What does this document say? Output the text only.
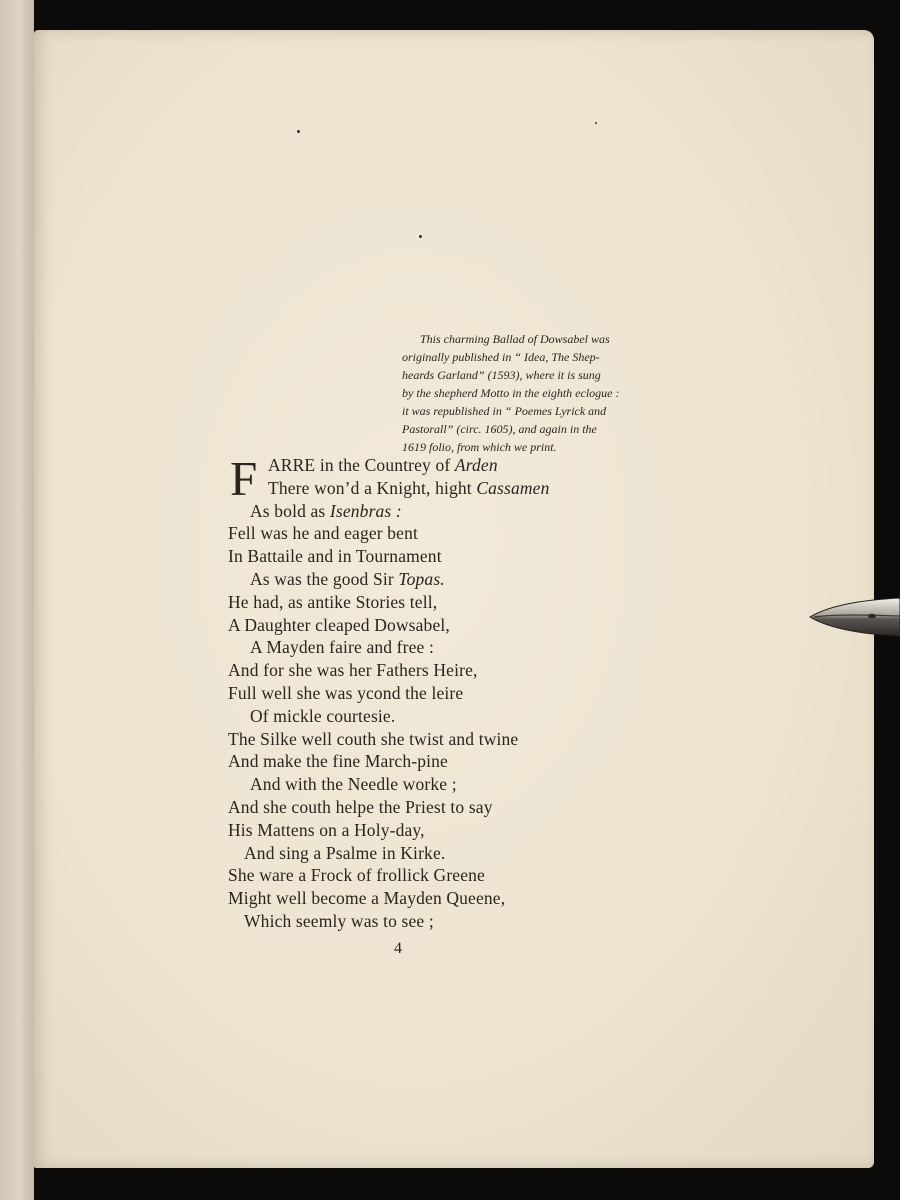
This charming Ballad of Dowsabel was

originally published in “ Idea, The Shep-

heards Garland” (1593), where it is sung

by the shepherd Motto in the eighth eclogue :

it was republished in “ Poemes Lyrick and

Pastorall” (circ. 1605), and again in the

1619 folio, from which we print.

F ARRE in the Countrey of Arden
There won’d a Knight, hight Cassamen
As bold as Isenbras :
Fell was he and eager bent
In Battaile and in Tournament
As was the good Sir Topas.
He had, as antike Stories tell,
A Daughter cleaped Dowsabel,
A Mayden faire and free :
And for she was her Fathers Heire,
Full well she was ycond the leire
Of mickle courtesie.
The Silke well couth she twist and twine
And make the fine March-pine
And with the Needle worke ;
And she couth helpe the Priest to say
His Mattens on a Holy-day,
And sing a Psalme in Kirke.
She ware a Frock of frollick Greene
Might well become a Mayden Queene,
Which seemly was to see ;
4
